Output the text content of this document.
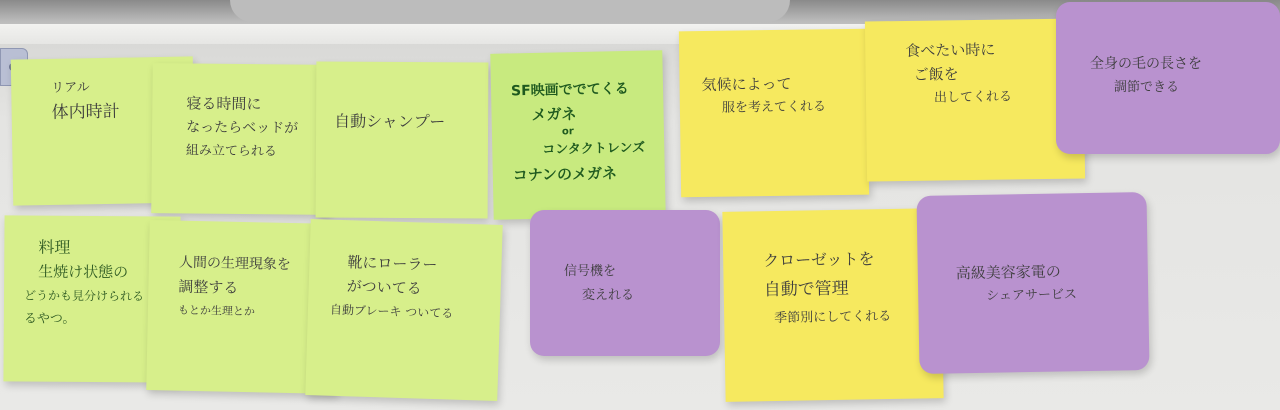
リアル
体内時計	寝る時間に
なったらベッドが
組み立てられる
自動シャンプー
SF映画ででてくる
メガネ
or
コンタクトレンズ
コナンのメガネ
気候によって
服を考えてくれる
食べたい時に
ご飯を
出してくれる
全身の毛の長さを
調節できる
料理
生焼け状態の
どうかも見分けられる
るやつ。
人間の生理現象を
調整する
もとか生理とか
靴にローラー
がついてる
自動ブレーキ ついてる
信号機を
変えれる
クローゼットを
自動で管理
季節別にしてくれる
高級美容家電の
シェアサービス
